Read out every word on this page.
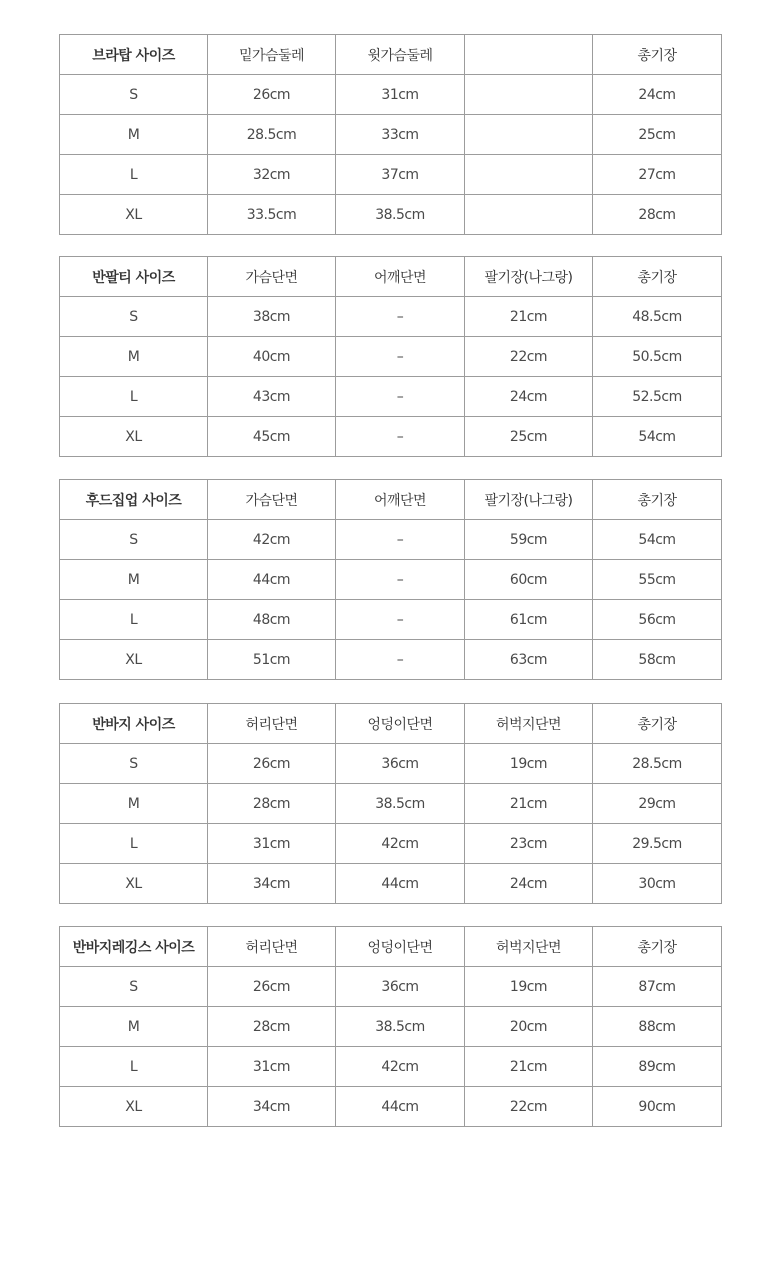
브라탑 사이즈	밑가슴둘레	윗가슴둘레		총기장
S	26cm	31cm		24cm
M	28.5cm	33cm		25cm
L	32cm	37cm		27cm
XL	33.5cm	38.5cm		28cm
반팔티 사이즈	가슴단면	어깨단면	팔기장(나그랑)	총기장
S	38cm	–	21cm	48.5cm
M	40cm	–	22cm	50.5cm
L	43cm	–	24cm	52.5cm
XL	45cm	–	25cm	54cm
후드집업 사이즈	가슴단면	어깨단면	팔기장(나그랑)	총기장
S	42cm	–	59cm	54cm
M	44cm	–	60cm	55cm
L	48cm	–	61cm	56cm
XL	51cm	–	63cm	58cm
반바지 사이즈	허리단면	엉덩이단면	허벅지단면	총기장
S	26cm	36cm	19cm	28.5cm
M	28cm	38.5cm	21cm	29cm
L	31cm	42cm	23cm	29.5cm
XL	34cm	44cm	24cm	30cm
반바지레깅스 사이즈	허리단면	엉덩이단면	허벅지단면	총기장
S	26cm	36cm	19cm	87cm
M	28cm	38.5cm	20cm	88cm
L	31cm	42cm	21cm	89cm
XL	34cm	44cm	22cm	90cm
